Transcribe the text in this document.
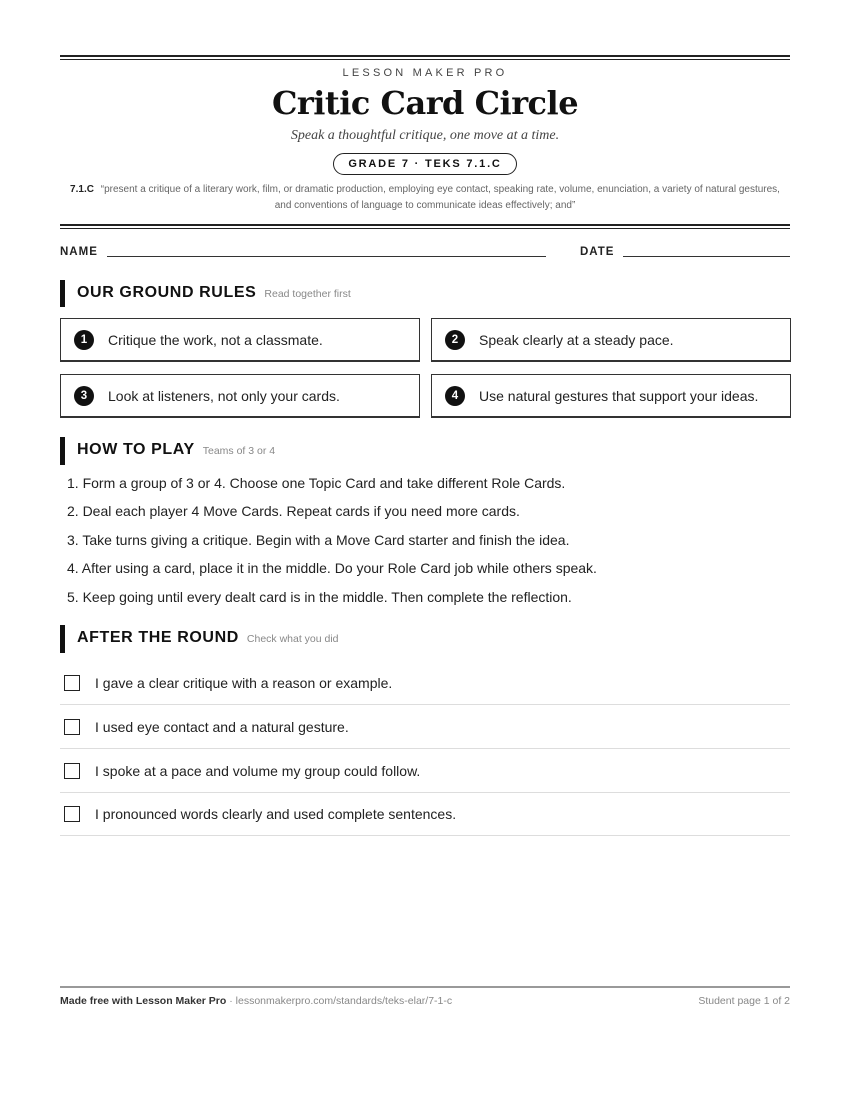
LESSON MAKER PRO
Critic Card Circle
Speak a thoughtful critique, one move at a time.
GRADE 7 · TEKS 7.1.C
7.1.C “present a critique of a literary work, film, or dramatic production, employing eye contact, speaking rate, volume, enunciation, a variety of natural gestures, and conventions of language to communicate ideas effectively; and”
NAME	DATE
OUR GROUND RULES Read together first
1	Critique the work, not a classmate.	2	Speak clearly at a steady pace.
3	Look at listeners, not only your cards.	4	Use natural gestures that support your ideas.
HOW TO PLAY Teams of 3 or 4
1. Form a group of 3 or 4. Choose one Topic Card and take different Role Cards.
2. Deal each player 4 Move Cards. Repeat cards if you need more cards.
3. Take turns giving a critique. Begin with a Move Card starter and finish the idea.
4. After using a card, place it in the middle. Do your Role Card job while others speak.
5. Keep going until every dealt card is in the middle. Then complete the reflection.
AFTER THE ROUND Check what you did
I gave a clear critique with a reason or example.
I used eye contact and a natural gesture.
I spoke at a pace and volume my group could follow.
I pronounced words clearly and used complete sentences.
Made free with Lesson Maker Pro · lessonmakerpro.com/standards/teks-elar/7-1-c	Student page 1 of 2
